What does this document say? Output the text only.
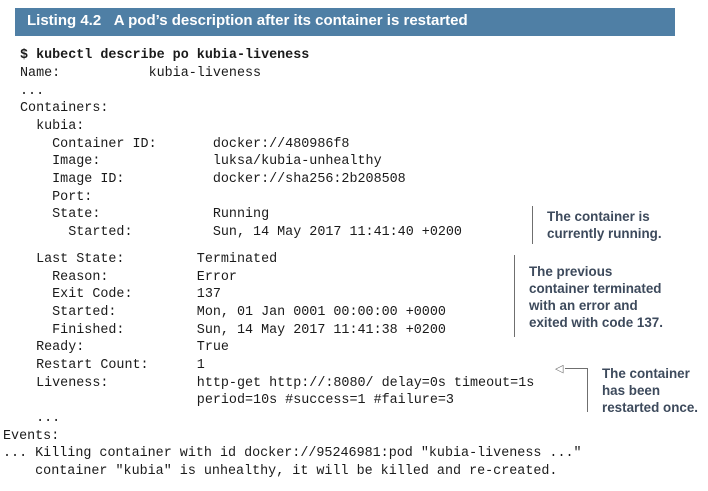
Listing 4.2 A pod’s description after its container is restarted
$ kubectl describe po kubia-liveness
Name:           kubia-liveness
...
Containers:
kubia:
Container ID:       docker://480986f8
Image:              luksa/kubia-unhealthy
Image ID:           docker://sha256:2b208508
Port:
State:              Running
Started:          Sun, 14 May 2017 11:41:40 +0200
Last State:         Terminated
Reason:           Error
Exit Code:        137
Started:          Mon, 01 Jan 0001 00:00:00 +0000
Finished:         Sun, 14 May 2017 11:41:38 +0200
Ready:              True
Restart Count:      1
Liveness:           http-get http://:8080/ delay=0s timeout=1s
period=10s #success=1 #failure=3
...
Events:
... Killing container with id docker://95246981:pod "kubia-liveness ..."
container "kubia" is unhealthy, it will be killed and re-created.
The container is
currently running.
The previous
container terminated
with an error and
exited with code 137.
◁	The container
has been
restarted once.
